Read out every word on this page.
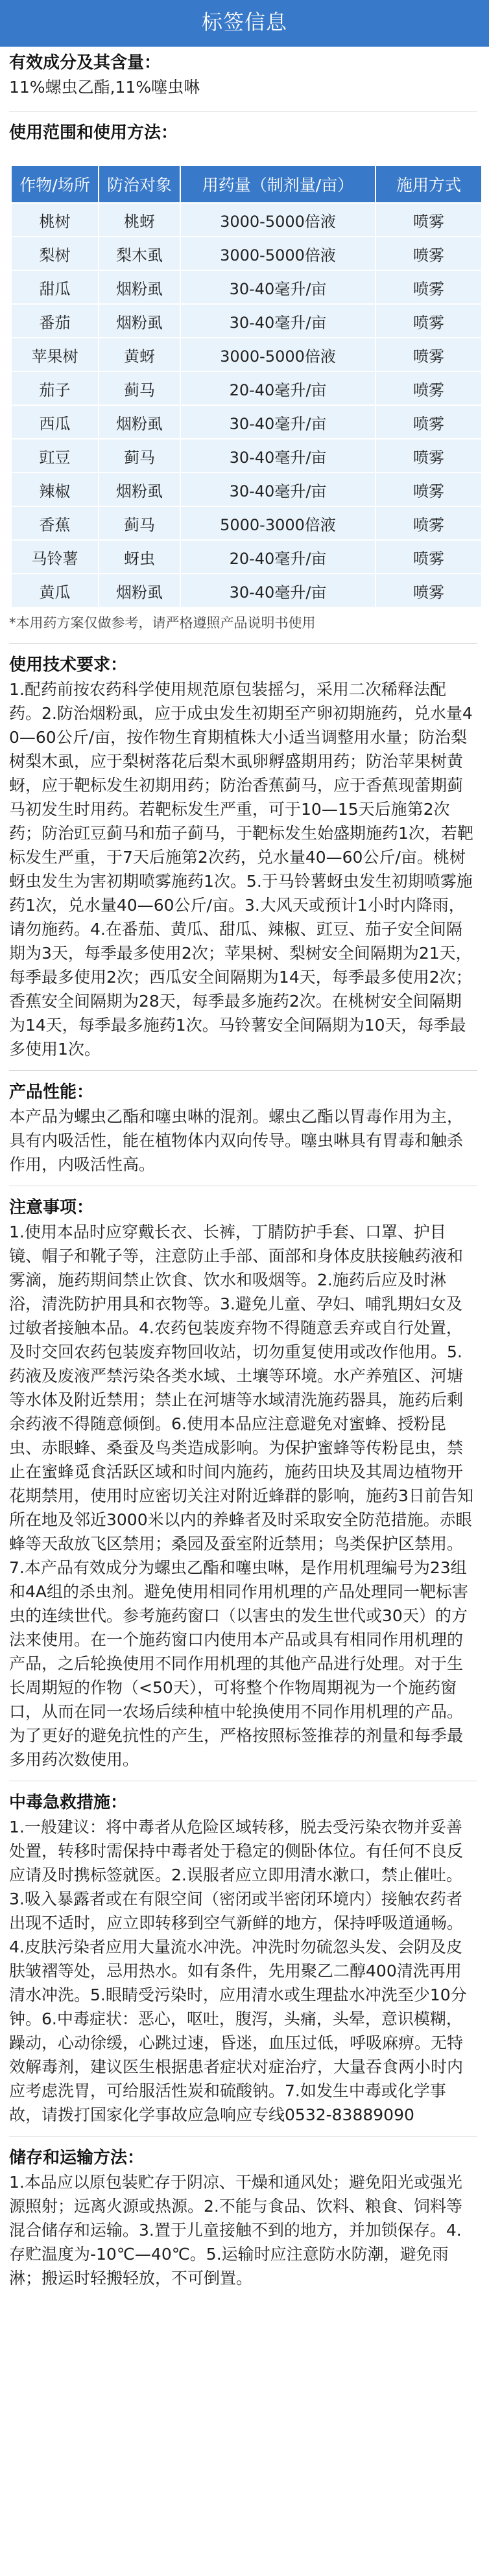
标签信息
有效成分及其含量：
11%螺虫乙酯,11%噻虫啉
使用范围和使用方法：
作物/场所	防治对象	用药量（制剂量/亩）	施用方式
桃树	桃蚜	3000-5000倍液	喷雾
梨树	梨木虱	3000-5000倍液	喷雾
甜瓜	烟粉虱	30-40毫升/亩	喷雾
番茄	烟粉虱	30-40毫升/亩	喷雾
苹果树	黄蚜	3000-5000倍液	喷雾
茄子	蓟马	20-40毫升/亩	喷雾
西瓜	烟粉虱	30-40毫升/亩	喷雾
豇豆	蓟马	30-40毫升/亩	喷雾
辣椒	烟粉虱	30-40毫升/亩	喷雾
香蕉	蓟马	5000-3000倍液	喷雾
马铃薯	蚜虫	20-40毫升/亩	喷雾
黄瓜	烟粉虱	30-40毫升/亩	喷雾
*本用药方案仅做参考，请严格遵照产品说明书使用
使用技术要求：
1.配药前按农药科学使用规范原包装摇匀，采用二次稀释法配药。2.防治烟粉虱，应于成虫发生初期至产卵初期施药，兑水量40—60公斤/亩，按作物生育期植株大小适当调整用水量；防治梨树梨木虱，应于梨树落花后梨木虱卵孵盛期用药；防治苹果树黄蚜，应于靶标发生初期用药；防治香蕉蓟马，应于香蕉现蕾期蓟马初发生时用药。若靶标发生严重，可于10—15天后施第2次药；防治豇豆蓟马和茄子蓟马，于靶标发生始盛期施药1次，若靶标发生严重，于7天后施第2次药，兑水量40—60公斤/亩。桃树蚜虫发生为害初期喷雾施药1次。5.于马铃薯蚜虫发生初期喷雾施药1次，兑水量40—60公斤/亩。3.大风天或预计1小时内降雨，请勿施药。4.在番茄、黄瓜、甜瓜、辣椒、豇豆、茄子安全间隔期为3天，每季最多使用2次；苹果树、梨树安全间隔期为21天，每季最多使用2次；西瓜安全间隔期为14天，每季最多使用2次；香蕉安全间隔期为28天，每季最多施药2次。在桃树安全间隔期为14天，每季最多施药1次。马铃薯安全间隔期为10天，每季最多使用1次。
产品性能：
本产品为螺虫乙酯和噻虫啉的混剂。螺虫乙酯以胃毒作用为主，具有内吸活性，能在植物体内双向传导。噻虫啉具有胃毒和触杀作用，内吸活性高。
注意事项：
1.使用本品时应穿戴长衣、长裤，丁腈防护手套、口罩、护目镜、帽子和靴子等，注意防止手部、面部和身体皮肤接触药液和雾滴，施药期间禁止饮食、饮水和吸烟等。2.施药后应及时淋浴，清洗防护用具和衣物等。3.避免儿童、孕妇、哺乳期妇女及过敏者接触本品。4.农药包装废弃物不得随意丢弃或自行处置，及时交回农药包装废弃物回收站，切勿重复使用或改作他用。5.药液及废液严禁污染各类水域、土壤等环境。水产养殖区、河塘等水体及附近禁用；禁止在河塘等水域清洗施药器具，施药后剩余药液不得随意倾倒。6.使用本品应注意避免对蜜蜂、授粉昆虫、赤眼蜂、桑蚕及鸟类造成影响。为保护蜜蜂等传粉昆虫，禁止在蜜蜂觅食活跃区域和时间内施药，施药田块及其周边植物开花期禁用，使用时应密切关注对附近蜂群的影响，施药3日前告知所在地及邻近3000米以内的养蜂者及时采取安全防范措施。赤眼蜂等天敌放飞区禁用；桑园及蚕室附近禁用；鸟类保护区禁用。7.本产品有效成分为螺虫乙酯和噻虫啉，是作用机理编号为23组和4A组的杀虫剂。避免使用相同作用机理的产品处理同一靶标害虫的连续世代。参考施药窗口（以害虫的发生世代或30天）的方法来使用。在一个施药窗口内使用本产品或具有相同作用机理的产品，之后轮换使用不同作用机理的其他产品进行处理。对于生长周期短的作物（<50天），可将整个作物周期视为一个施药窗口，从而在同一农场后续种植中轮换使用不同作用机理的产品。为了更好的避免抗性的产生，严格按照标签推荐的剂量和每季最多用药次数使用。
中毒急救措施：
1.一般建议：将中毒者从危险区域转移，脱去受污染衣物并妥善处置，转移时需保持中毒者处于稳定的侧卧体位。有任何不良反应请及时携标签就医。2.误服者应立即用清水漱口，禁止催吐。3.吸入暴露者或在有限空间（密闭或半密闭环境内）接触农药者出现不适时，应立即转移到空气新鲜的地方，保持呼吸道通畅。4.皮肤污染者应用大量流水冲洗。冲洗时勿硫忽头发、会阴及皮肤皱褶等处，忌用热水。如有条件，先用聚乙二醇400清洗再用清水冲洗。5.眼睛受污染时，应用清水或生理盐水冲洗至少10分钟。6.中毒症状：恶心，呕吐，腹泻，头痛，头晕，意识模糊，躁动，心动徐缓，心跳过速，昏迷，血压过低，呼吸麻痹。无特效解毒剂，建议医生根据患者症状对症治疗，大量吞食两小时内应考虑洗胃，可给服活性炭和硫酸钠。7.如发生中毒或化学事故，请拨打国家化学事故应急响应专线0532-83889090
储存和运输方法：
1.本品应以原包装贮存于阴凉、干燥和通风处；避免阳光或强光源照射；远离火源或热源。2.不能与食品、饮料、粮食、饲料等混合储存和运输。3.置于儿童接触不到的地方，并加锁保存。4.存贮温度为-10℃—40℃。5.运输时应注意防水防潮，避免雨淋；搬运时轻搬轻放，不可倒置。
